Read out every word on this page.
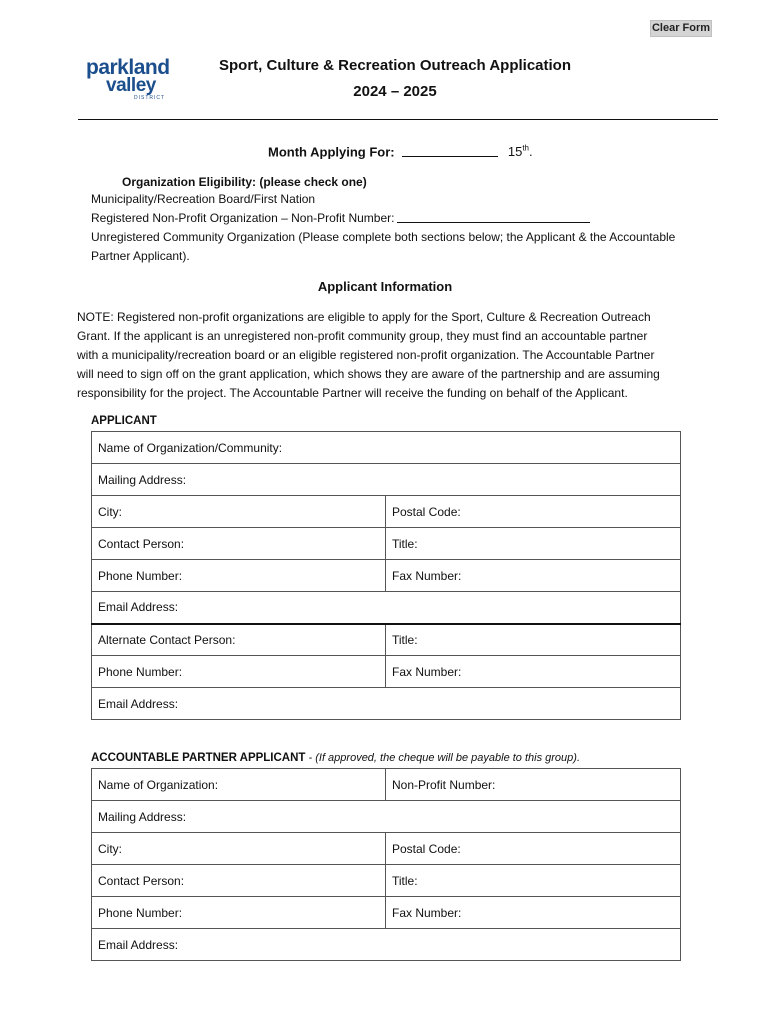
Clear Form
parkland
valley
DISTRICT
Sport, Culture & Recreation Outreach Application
2024 – 2025
Month Applying For:	15th.
Organization Eligibility: (please check one)
Municipality/Recreation Board/First Nation
Registered Non-Profit Organization – Non-Profit Number:
Unregistered Community Organization (Please complete both sections below; the Applicant & the Accountable
Partner Applicant).
Applicant Information
NOTE: Registered non-profit organizations are eligible to apply for the Sport, Culture & Recreation Outreach
Grant. If the applicant is an unregistered non-profit community group, they must find an accountable partner
with a municipality/recreation board or an eligible registered non-profit organization. The Accountable Partner
will need to sign off on the grant application, which shows they are aware of the partnership and are assuming
responsibility for the project. The Accountable Partner will receive the funding on behalf of the Applicant.
APPLICANT
Name of Organization/Community:	
Mailing Address:	
City:	Postal Code:
Contact Person:	Title:
Phone Number:	Fax Number:
Email Address:	
Alternate Contact Person:	Title:
Phone Number:	Fax Number:
Email Address:	
ACCOUNTABLE PARTNER APPLICANT - (If approved, the cheque will be payable to this group).
Name of Organization:	Non-Profit Number:
Mailing Address:	
City:	Postal Code:
Contact Person:	Title:
Phone Number:	Fax Number:
Email Address:	
